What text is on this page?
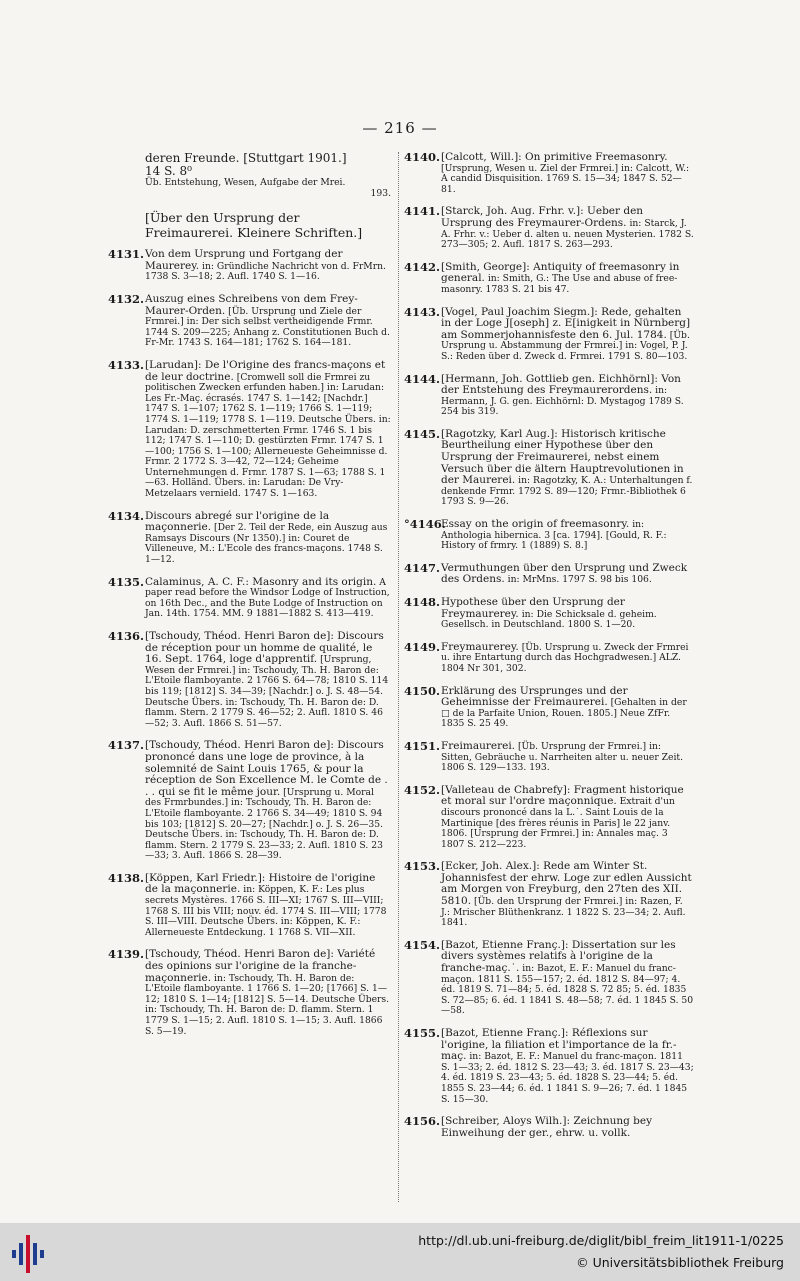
— 216 —
deren Freunde. [Stuttgart 1901.]
14 S. 8⁰
Üb. Entstehung, Wesen, Aufgabe der Mrei.
193.
[Über den Ursprung der Freimaurerei. Kleinere Schriften.]
4131. Von dem Ursprung und Fortgang der Maurerey. in: Gründliche Nachricht von d. FrMrn. 1738 S. 3—18; 2. Aufl. 1740 S. 1—16.
4132. Auszug eines Schreibens von dem Frey-Maurer-Orden. [Üb. Ursprung und Ziele der Frmrei.] in: Der sich selbst vertheidigende Frmr. 1744 S. 209—225; Anhang z. Constitutionen Buch d. Fr-Mr. 1743 S. 164—181; 1762 S. 164—181.
4133. [Larudan]: De l'Origine des francs-maçons et de leur doctrine. [Cromwell soll die Frmrei zu politischen Zwecken erfunden haben.] in: Larudan: Les Fr.-Maç. écrasés. 1747 S. 1—142; [Nachdr.] 1747 S. 1—107; 1762 S. 1—119; 1766 S. 1—119; 1774 S. 1—119; 1778 S. 1—119. Deutsche Übers. in: Larudan: D. zerschmetterten Frmr. 1746 S. 1 bis 112; 1747 S. 1—110; D. gestürzten Frmr. 1747 S. 1—100; 1756 S. 1—100; Allerneueste Geheimnisse d. Frmr. 2 1772 S. 3—42, 72—124; Geheime Unternehmungen d. Frmr. 1787 S. 1—63; 1788 S. 1—63. Holländ. Übers. in: Larudan: De Vry-Metzelaars vernield. 1747 S. 1—163.
4134. Discours abregé sur l'origine de la maçonnerie. [Der 2. Teil der Rede, ein Auszug aus Ramsays Discours (Nr 1350).] in: Couret de Villeneuve, M.: L'Ecole des francs-maçons. 1748 S. 1—12.
4135. Calaminus, A. C. F.: Masonry and its origin. A paper read before the Windsor Lodge of Instruction, on 16th Dec., and the Bute Lodge of Instruction on Jan. 14th. 1754. MM. 9 1881—1882 S. 413—419.
4136. [Tschoudy, Théod. Henri Baron de]: Discours de réception pour un homme de qualité, le 16. Sept. 1764, loge d'apprentif. [Ursprung, Wesen der Frmrei.] in: Tschoudy, Th. H. Baron de: L'Etoile flamboyante. 2 1766 S. 64—78; 1810 S. 114 bis 119; [1812] S. 34—39; [Nachdr.] o. J. S. 48—54. Deutsche Übers. in: Tschoudy, Th. H. Baron de: D. flamm. Stern. 2 1779 S. 46—52; 2. Aufl. 1810 S. 46—52; 3. Aufl. 1866 S. 51—57.
4137. [Tschoudy, Théod. Henri Baron de]: Discours prononcé dans une loge de province, à la solemnité de Saint Louis 1765, & pour la réception de Son Excellence M. le Comte de . . . qui se fit le même jour. [Ursprung u. Moral des Frmrbundes.] in: Tschoudy, Th. H. Baron de: L'Etoile flamboyante. 2 1766 S. 34—49; 1810 S. 94 bis 103; [1812] S. 20—27; [Nachdr.] o. J. S. 26—35. Deutsche Übers. in: Tschoudy, Th. H. Baron de: D. flamm. Stern. 2 1779 S. 23—33; 2. Aufl. 1810 S. 23—33; 3. Aufl. 1866 S. 28—39.
4138. [Köppen, Karl Friedr.]: Histoire de l'origine de la maçonnerie. in: Köppen, K. F.: Les plus secrets Mystères. 1766 S. III—XI; 1767 S. III—VIII; 1768 S. III bis VIII; nouv. éd. 1774 S. III—VIII; 1778 S. III—VIII. Deutsche Übers. in: Köppen, K. F.: Allerneueste Entdeckung. 1 1768 S. VII—XII.
4139. [Tschoudy, Théod. Henri Baron de]: Variété des opinions sur l'origine de la franche-maçonnerie. in: Tschoudy, Th. H. Baron de: L'Etoile flamboyante. 1 1766 S. 1—20; [1766] S. 1—12; 1810 S. 1—14; [1812] S. 5—14. Deutsche Übers. in: Tschoudy, Th. H. Baron de: D. flamm. Stern. 1 1779 S. 1—15; 2. Aufl. 1810 S. 1—15; 3. Aufl. 1866 S. 5—19.
4140. [Calcott, Will.]: On primitive Freemasonry. [Ursprung, Wesen u. Ziel der Frmrei.] in: Calcott, W.: A candid Disquisition. 1769 S. 15—34; 1847 S. 52—81.
4141. [Starck, Joh. Aug. Frhr. v.]: Ueber den Ursprung des Freymaurer-Ordens. in: Starck, J. A. Frhr. v.: Ueber d. alten u. neuen Mysterien. 1782 S. 273—305; 2. Aufl. 1817 S. 263—293.
4142. [Smith, George]: Antiquity of freemasonry in general. in: Smith, G.: The Use and abuse of free-masonry. 1783 S. 21 bis 47.
4143. [Vogel, Paul Joachim Siegm.]: Rede, gehalten in der Loge J[oseph] z. E[inigkeit in Nürnberg] am Sommerjohannisfeste den 6. Jul. 1784. [Üb. Ursprung u. Abstammung der Frmrei.] in: Vogel, P. J. S.: Reden über d. Zweck d. Frmrei. 1791 S. 80—103.
4144. [Hermann, Joh. Gottlieb gen. Eichhörnl]: Von der Entstehung des Freymaurerordens. in: Hermann, J. G. gen. Eichhörnl: D. Mystagog 1789 S. 254 bis 319.
4145. [Ragotzky, Karl Aug.]: Historisch kritische Beurtheilung einer Hypothese über den Ursprung der Freimaurerei, nebst einem Versuch über die ältern Hauptrevolutionen in der Maurerei. in: Ragotzky, K. A.: Unterhaltungen f. denkende Frmr. 1792 S. 89—120; Frmr.-Bibliothek 6 1793 S. 9—26.
°4146.
Essay on the origin of freemasonry. in: Anthologia hibernica. 3 [ca. 1794]. [Gould, R. F.: History of frmry. 1 (1889) S. 8.]
4147. Vermuthungen über den Ursprung und Zweck des Ordens. in: MrMns. 1797 S. 98 bis 106.
4148. Hypothese über den Ursprung der Freymaurerey. in: Die Schicksale d. geheim. Gesellsch. in Deutschland. 1800 S. 1—20.
4149. Freymaurerey. [Üb. Ursprung u. Zweck der Frmrei u. ihre Entartung durch das Hochgradwesen.] ALZ. 1804 Nr 301, 302.
4150. Erklärung des Ursprunges und der Geheimnisse der Freimaurerei. [Gehalten in der □ de la Parfaite Union, Rouen. 1805.] Neue ZfFr. 1835 S. 25 49.
4151. Freimaurerei. [Üb. Ursprung der Frmrei.] in: Sitten, Gebräuche u. Narrheiten alter u. neuer Zeit. 1806 S. 129—133. 193.
4152. [Valleteau de Chabrefy]: Fragment historique et moral sur l'ordre maçonnique. Extrait d'un discours prononcé dans la L.˙. Saint Louis de la Martinique [des frères réunis in Paris] le 22 janv. 1806. [Ursprung der Frmrei.] in: Annales maç. 3 1807 S. 212—223.
4153. [Ecker, Joh. Alex.]: Rede am Winter St. Johannisfest der ehrw. Loge zur edlen Aussicht am Morgen von Freyburg, den 27ten des XII. 5810. [Üb. den Ursprung der Frmrei.] in: Razen, F. J.: Mrischer Blüthenkranz. 1 1822 S. 23—34; 2. Aufl. 1841.
4154. [Bazot, Etienne Franç.]: Dissertation sur les divers systèmes relatifs à l'origine de la franche-maç.˙. in: Bazot, E. F.: Manuel du franc-maçon. 1811 S. 155—157; 2. éd. 1812 S. 84—97; 4. éd. 1819 S. 71—84; 5. éd. 1828 S. 72 85; 5. éd. 1835 S. 72—85; 6. éd. 1 1841 S. 48—58; 7. éd. 1 1845 S. 50—58.
4155. [Bazot, Etienne Franç.]: Réflexions sur l'origine, la filiation et l'importance de la fr.-maç. in: Bazot, E. F.: Manuel du franc-maçon. 1811 S. 1—33; 2. éd. 1812 S. 23—43; 3. éd. 1817 S. 23—43; 4. éd. 1819 S. 23—43; 5. éd. 1828 S. 23—44; 5. éd. 1855 S. 23—44; 6. éd. 1 1841 S. 9—26; 7. éd. 1 1845 S. 15—30.
4156. [Schreiber, Aloys Wilh.]: Zeichnung bey Einweihung der ger., ehrw. u. vollk.
http://dl.ub.uni-freiburg.de/diglit/bibl_freim_lit1911-1/0225
© Universitätsbibliothek Freiburg
